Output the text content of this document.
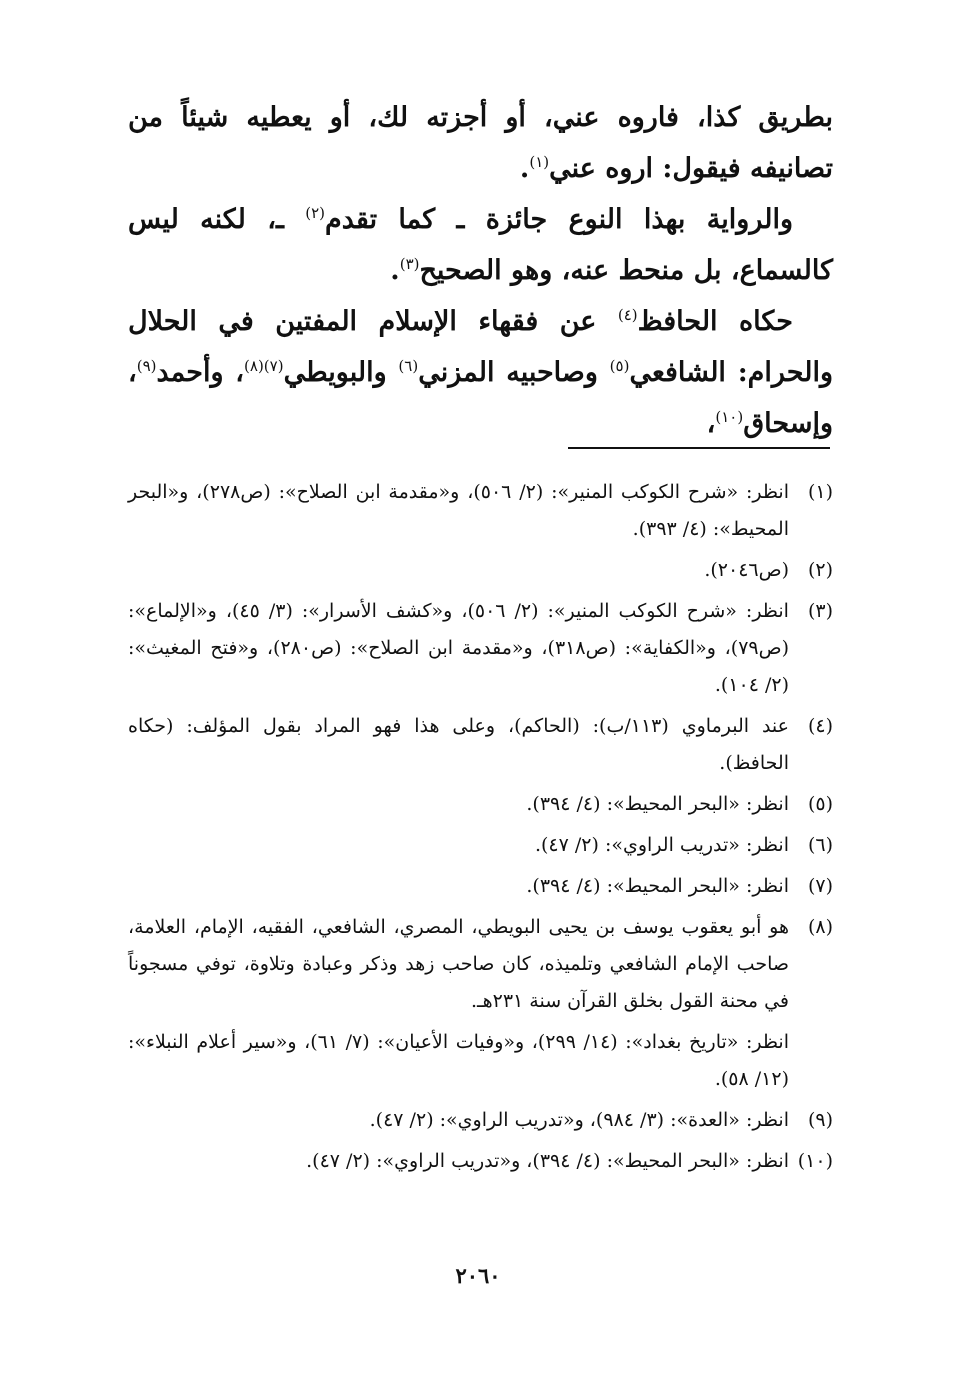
بطريق كذا، فاروه عني، أو أجزته لك، أو يعطيه شيئاً من تصانيفه فيقول: اروه عني$^{(١)}$.

والرواية بهذا النوع جائزة ـ كما تقدم$^{(٢)}$ ـ، لكنه ليس كالسماع، بل منحط عنه، وهو الصحيح$^{(٣)}$.

حكاه الحافظ$^{(٤)}$ عن فقهاء الإسلام المفتين في الحلال والحرام: الشافعي$^{(٥)}$ وصاحبيه المزني$^{(٦)}$ والبويطي$^{(٧)(٨)}$، وأحمد$^{(٩)}$، وإسحاق$^{(١٠)}$،

(١)

انظر: «شرح الكوكب المنير»: (٢/ ٥٠٦)، و«مقدمة ابن الصلاح»: (ص٢٧٨)، و«البحر المحيط»: (٤/ ٣٩٣).

(٢)

(ص٢٠٤٦).

(٣)

انظر: «شرح الكوكب المنير»: (٢/ ٥٠٦)، و«كشف الأسرار»: (٣/ ٤٥)، و«الإلماع»: (ص٧٩)، و«الكفاية»: (ص٣١٨)، و«مقدمة ابن الصلاح»: (ص٢٨٠)، و«فتح المغيث»: (٢/ ١٠٤).

(٤)

عند البرماوي (١١٣/ب): (الحاكم)، وعلى هذا فهو المراد بقول المؤلف: (حكاه الحافظ).

(٥)

انظر: «البحر المحيط»: (٤/ ٣٩٤).

(٦)

انظر: «تدريب الراوي»: (٢/ ٤٧).

(٧)

انظر: «البحر المحيط»: (٤/ ٣٩٤).

(٨)

هو أبو يعقوب يوسف بن يحيى البويطي، المصري، الشافعي، الفقيه، الإمام، العلامة، صاحب الإمام الشافعي وتلميذه، كان صاحب زهد وذكر وعبادة وتلاوة، توفي مسجوناً في محنة القول بخلق القرآن سنة ٢٣١هـ.

انظر: «تاريخ بغداد»: (١٤/ ٢٩٩)، و«وفيات الأعيان»: (٧/ ٦١)، و«سير أعلام النبلاء»: (١٢/ ٥٨).

(٩)

انظر: «العدة»: (٣/ ٩٨٤)، و«تدريب الراوي»: (٢/ ٤٧).

(١٠)

انظر: «البحر المحيط»: (٤/ ٣٩٤)، و«تدريب الراوي»: (٢/ ٤٧).

٢٠٦٠
